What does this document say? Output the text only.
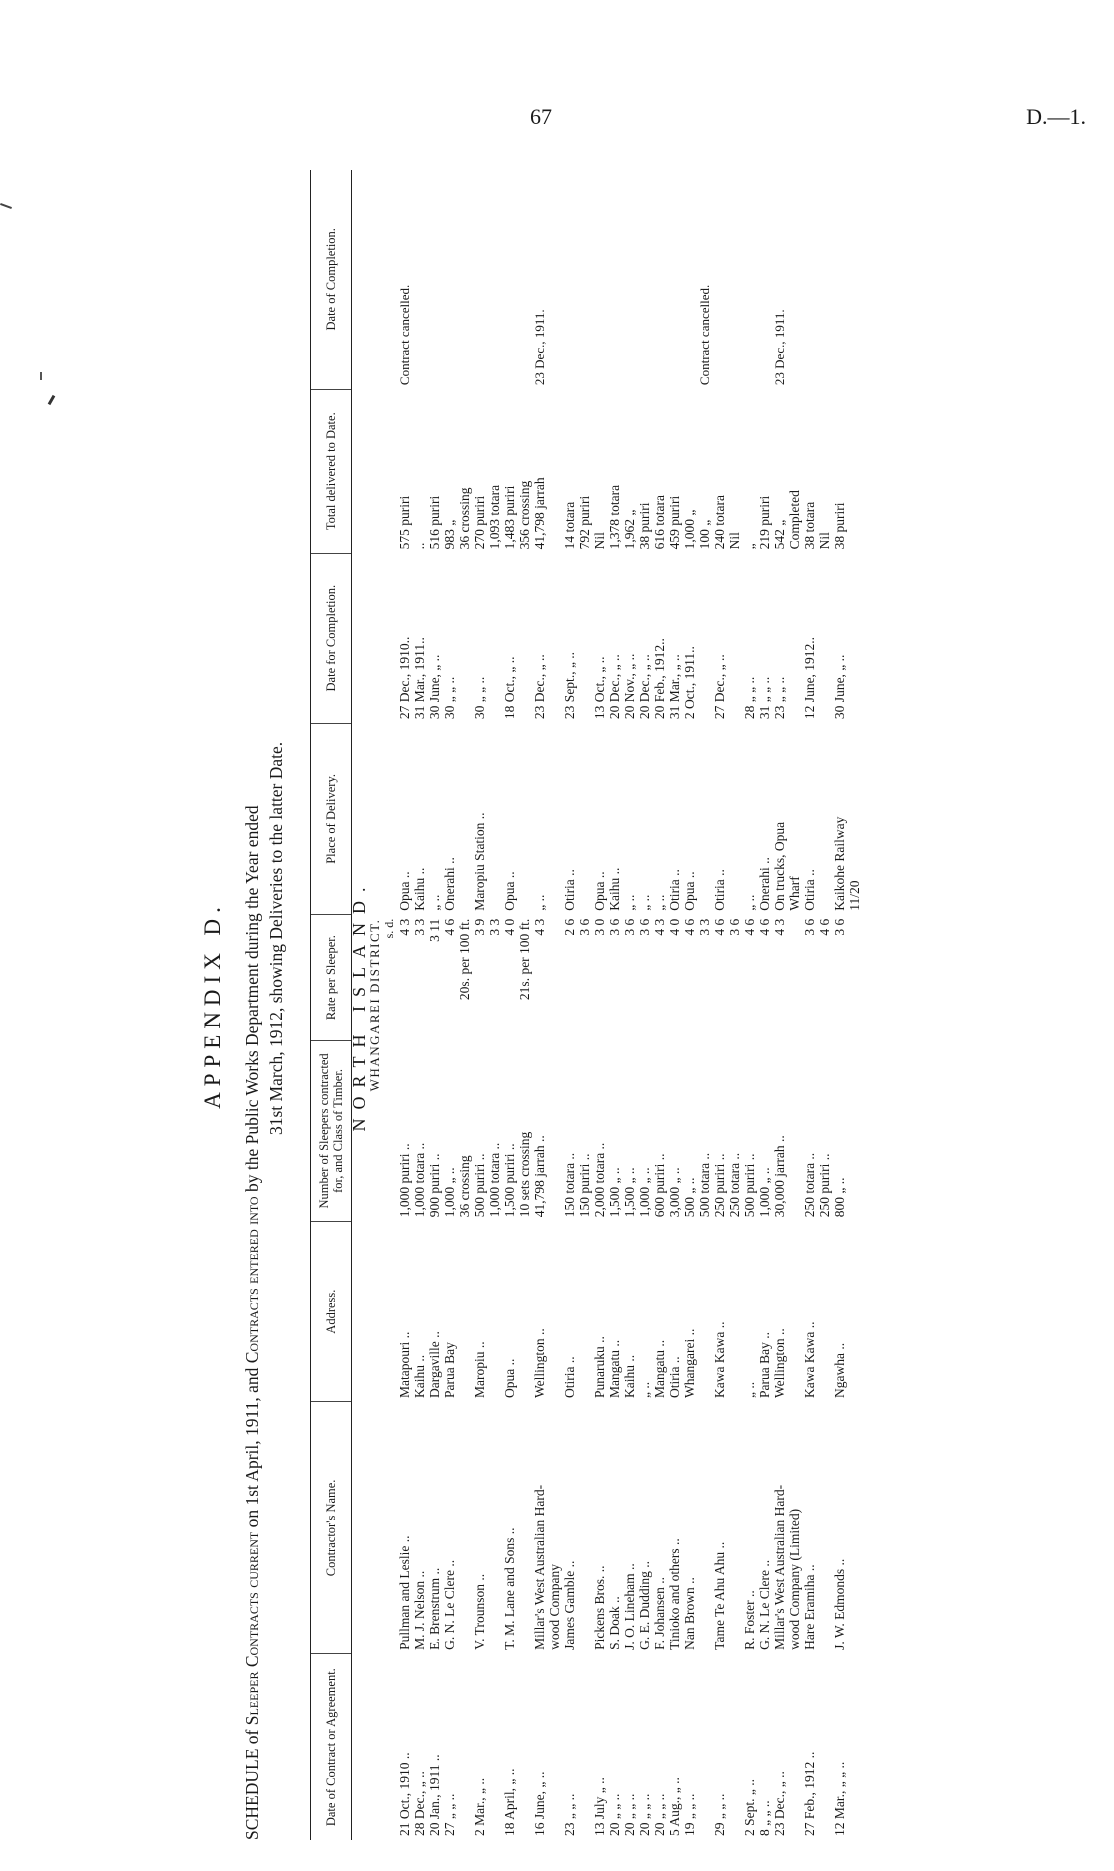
67	D.—1.
APPENDIX D.
SCHEDULE of Sleeper Contracts current on 1st April, 1911, and Contracts entered into by the Public Works Department during the Year ended 31st March, 1912, showing Deliveries to the latter Date.
Date of Contract or Agreement.	Contractor's Name.	Address.	Number of Sleepers contracted for, and Class of Timber.	Rate per Sleeper.	Place of Delivery.	Date for Completion.	Total delivered to Date.	Date of Completion.

NORTH ISLAND.
WHANGAREI DISTRICT.								

				s. d.				
21 Oct., 1910 ..	Pullman and Leslie ..	Matapouri ..	1,000 puriri ..	4 3	Opua ..	27 Dec., 1910..	575 puriri	Contract cancelled.
28 Dec., „ ..	M. J. Nelson ..	Kaihu ..	1,000 totara ..	3 3	Kaihu ..	31 Mar., 1911..	..	
20 Jan., 1911 ..	E. Brenstrum ..	Dargaville ..	900 puriri ..	3 11	„ ..	30 June, „ ..	516 puriri	
27 „ „ ..	G. N. Le Clere ..	Parua Bay	1,000 „ ..	4 6	Onerahi ..	30 „ „ ..	983 „	
			36 crossing	20s. per 100 ft.			36 crossing	
2 Mar., „ ..	V. Trounson ..	Maropiu ..	500 puriri ..	3 9	Maropiu Station ..	30 „ „ ..	270 puriri	
			1,000 totara ..	3 3			1,093 totara	
18 April, „ ..	T. M. Lane and Sons ..	Opua ..	1,500 puriri ..	4 0	Opua ..	18 Oct., „ ..	1,483 puriri	
			10 sets crossing	21s. per 100 ft.			356 crossing	
16 June, „ ..	Millar's West Australian Hard-	Wellington ..	41,798 jarrah ..	4 3	„ ..	23 Dec., „ ..	41,798 jarrah	23 Dec., 1911.
	wood Company							
23 „ „ ..	James Gamble ..	Otiria ..	150 totara ..	2 6	Otiria ..	23 Sept., „ ..	14 totara	
			150 puriri ..	3 6			792 puriri	
13 July „ ..	Pickens Bros. ..	Punaruku ..	2,000 totara ..	3 0	Opua ..	13 Oct., „ ..	Nil	
20 „ „ ..	S. Doak ..	Mangatu ..	1,500 „ ..	3 6	Kaihu ..	20 Dec., „ ..	1,378 totara	
20 „ „ ..	J. O. Lineham ..	Kaihu ..	1,500 „ ..	3 6	„ ..	20 Nov., „ ..	1,962 „	
20 „ „ ..	G. E. Dudding ..	„ ..	1,000 „ ..	3 6	„ ..	20 Dec., „ ..	38 puriri	
20 „ „ ..	F. Johansen ..	Mangatu ..	600 puriri ..	4 3	„ ..	20 Feb., 1912..	616 totara	
5 Aug., „ ..	Tiniokо and others ..	Otiria ..	3,000 „ ..	4 0	Otiria ..	31 Mar., „ ..	459 puriri	
19 „ „ ..	Nan Brown ..	Whangarei ..	500 „ ..	4 6	Opua ..	2 Oct., 1911..	1,000 „	
			500 totara ..	3 3			100 „	Contract cancelled.
29 „ „ ..	Tame Te Ahu Ahu ..	Kawa Kawa ..	250 puriri ..	4 6	Otiria ..	27 Dec., „ ..	240 totara	
			250 totara ..	3 6			Nil	
2 Sept. „ ..	R. Foster ..	„ ..	500 puriri ..	4 6	„ ..	28 „ „ ..	„	
8 „ „ ..	G. N. Le Clere ..	Parua Bay ..	1,000 „ ..	4 6	Onerahi ..	31 „ „ ..	219 puriri	
23 Dec., „ ..	Millar's West Australian Hard-	Wellington ..	30,000 jarrah ..	4 3	On trucks, Opua	23 „ „ ..	542 „	23 Dec., 1911.
	wood Company (Limited)				Wharf		Completed	
27 Feb., 1912 ..	Hare Eramiha ..	Kawa Kawa ..	250 totara ..	3 6	Otiria ..	12 June, 1912..	38 totara	
			250 puriri ..	4 6			Nil	
12 Mar., „ „ ..	J. W. Edmonds ..	Ngawha ..	800 „ ..	3 6	Kaikohe Railway	30 June, „ ..	38 puriri	
					11/20			
